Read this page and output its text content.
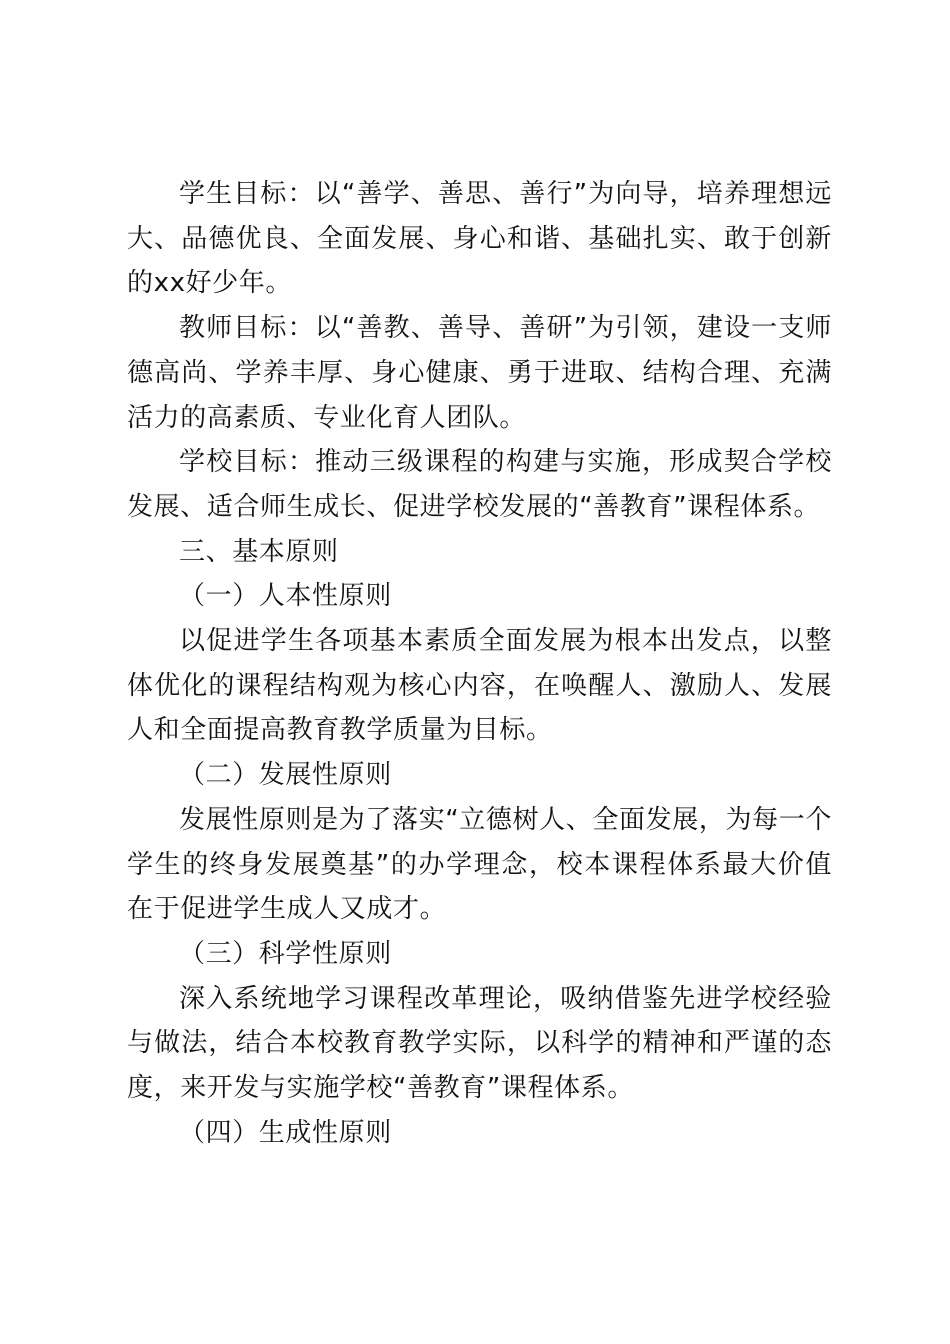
学生目标：以“善学、善思、善行”为向导，培养理想远大、品德优良、全面发展、身心和谐、基础扎实、敢于创新的xx好少年。

教师目标：以“善教、善导、善研”为引领，建设一支师德高尚、学养丰厚、身心健康、勇于进取、结构合理、充满活力的高素质、专业化育人团队。

学校目标：推动三级课程的构建与实施，形成契合学校发展、适合师生成长、促进学校发展的“善教育”课程体系。

三、基本原则

（一）人本性原则

以促进学生各项基本素质全面发展为根本出发点，以整体优化的课程结构观为核心内容，在唤醒人、激励人、发展人和全面提高教育教学质量为目标。

（二）发展性原则

发展性原则是为了落实“立德树人、全面发展，为每一个学生的终身发展奠基”的办学理念，校本课程体系最大价值在于促进学生成人又成才。

（三）科学性原则

深入系统地学习课程改革理论，吸纳借鉴先进学校经验与做法，结合本校教育教学实际，以科学的精神和严谨的态度，来开发与实施学校“善教育”课程体系。

（四）生成性原则
